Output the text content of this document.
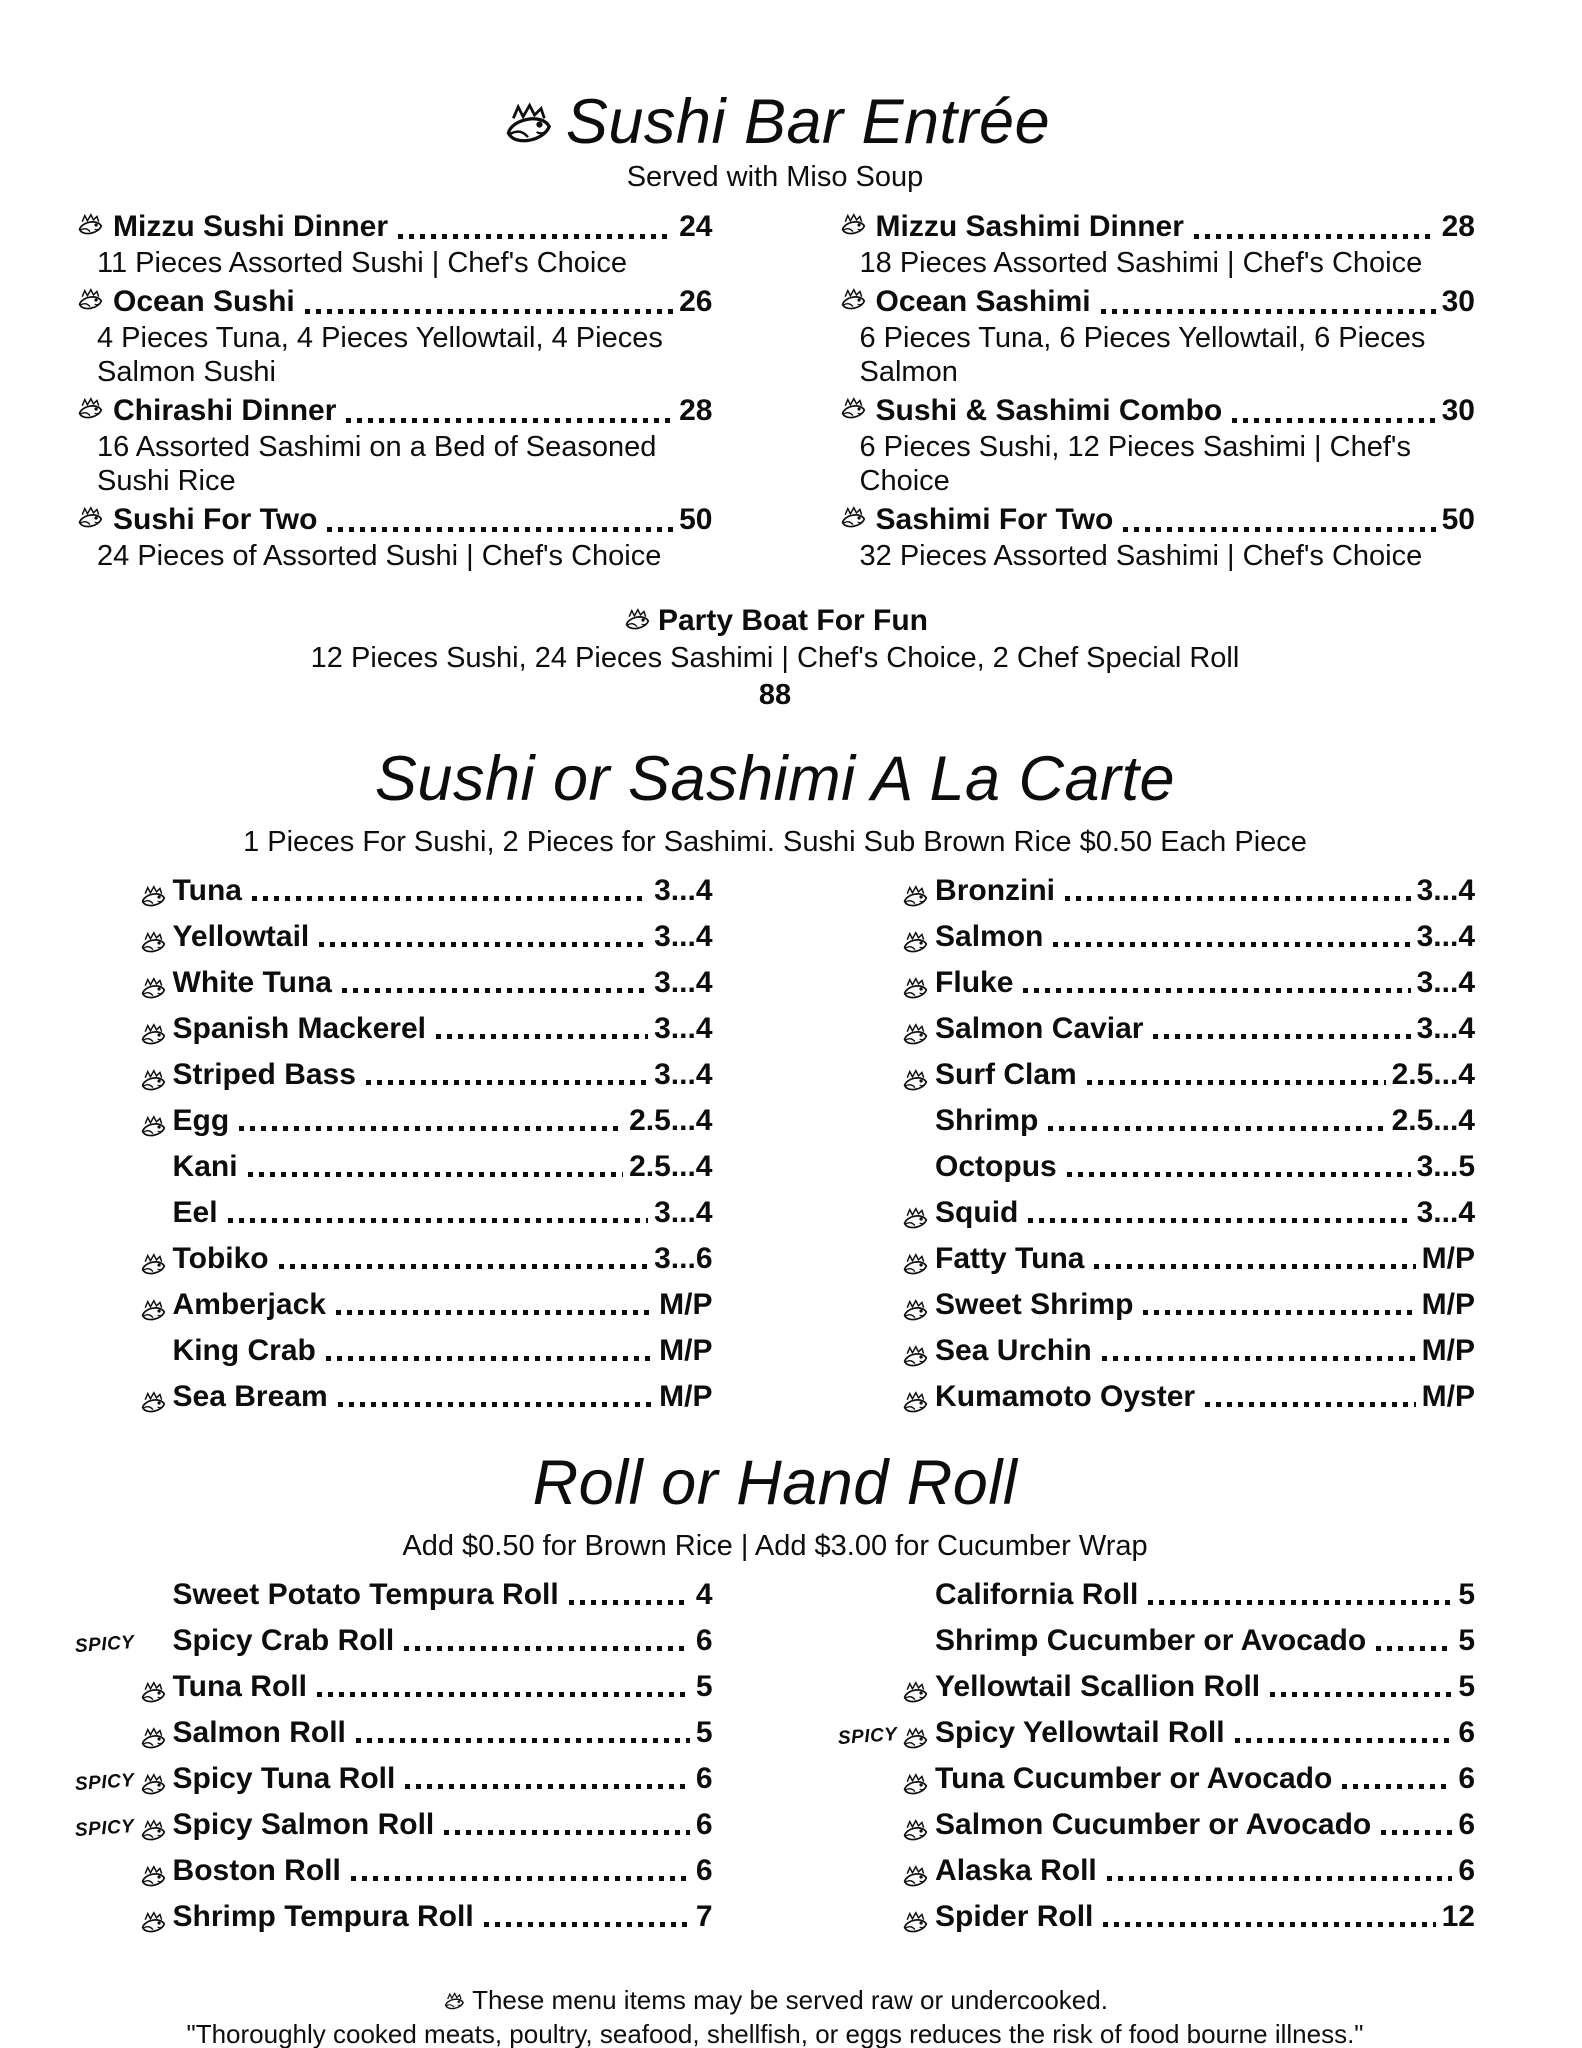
Sushi Bar Entrée
Served with Miso Soup
Mizzu Sushi Dinner	24
11 Pieces Assorted Sushi | Chef's Choice
Ocean Sushi	26
4 Pieces Tuna, 4 Pieces Yellowtail, 4 Pieces Salmon Sushi
Chirashi Dinner	28
16 Assorted Sashimi on a Bed of Seasoned Sushi Rice
Sushi For Two	50
24 Pieces of Assorted Sushi | Chef's Choice
Mizzu Sashimi Dinner	28
18 Pieces Assorted Sashimi | Chef's Choice
Ocean Sashimi	30
6 Pieces Tuna, 6 Pieces Yellowtail, 6 Pieces Salmon
Sushi & Sashimi Combo	30
6 Pieces Sushi, 12 Pieces Sashimi | Chef's Choice
Sashimi For Two	50
32 Pieces Assorted Sashimi | Chef's Choice
Party Boat For Fun
12 Pieces Sushi, 24 Pieces Sashimi | Chef's Choice, 2 Chef Special Roll
88
Sushi or Sashimi A La Carte
1 Pieces For Sushi, 2 Pieces for Sashimi. Sushi Sub Brown Rice $0.50 Each Piece
Tuna	3...4
Yellowtail	3...4
White Tuna	3...4
Spanish Mackerel	3...4
Striped Bass	3...4
Egg	2.5...4
Kani	2.5...4
Eel	3...4
Tobiko	3...6
Amberjack	M/P
King Crab	M/P
Sea Bream	M/P
Bronzini	3...4
Salmon	3...4
Fluke	3...4
Salmon Caviar	3...4
Surf Clam	2.5...4
Shrimp	2.5...4
Octopus	3...5
Squid	3...4
Fatty Tuna	M/P
Sweet Shrimp	M/P
Sea Urchin	M/P
Kumamoto Oyster	M/P
Roll or Hand Roll
Add $0.50 for Brown Rice | Add $3.00 for Cucumber Wrap
Sweet Potato Tempura Roll	4
SPICY Spicy Crab Roll	6
Tuna Roll	5
Salmon Roll	5
SPICY Spicy Tuna Roll	6
SPICY Spicy Salmon Roll	6
Boston Roll	6
Shrimp Tempura Roll	7
California Roll	5
Shrimp Cucumber or Avocado	5
Yellowtail Scallion Roll	5
SPICY Spicy Yellowtail Roll	6
Tuna Cucumber or Avocado	6
Salmon Cucumber or Avocado	6
Alaska Roll	6
Spider Roll	12
These menu items may be served raw or undercooked.
"Thoroughly cooked meats, poultry, seafood, shellfish, or eggs reduces the risk of food bourne illness."
